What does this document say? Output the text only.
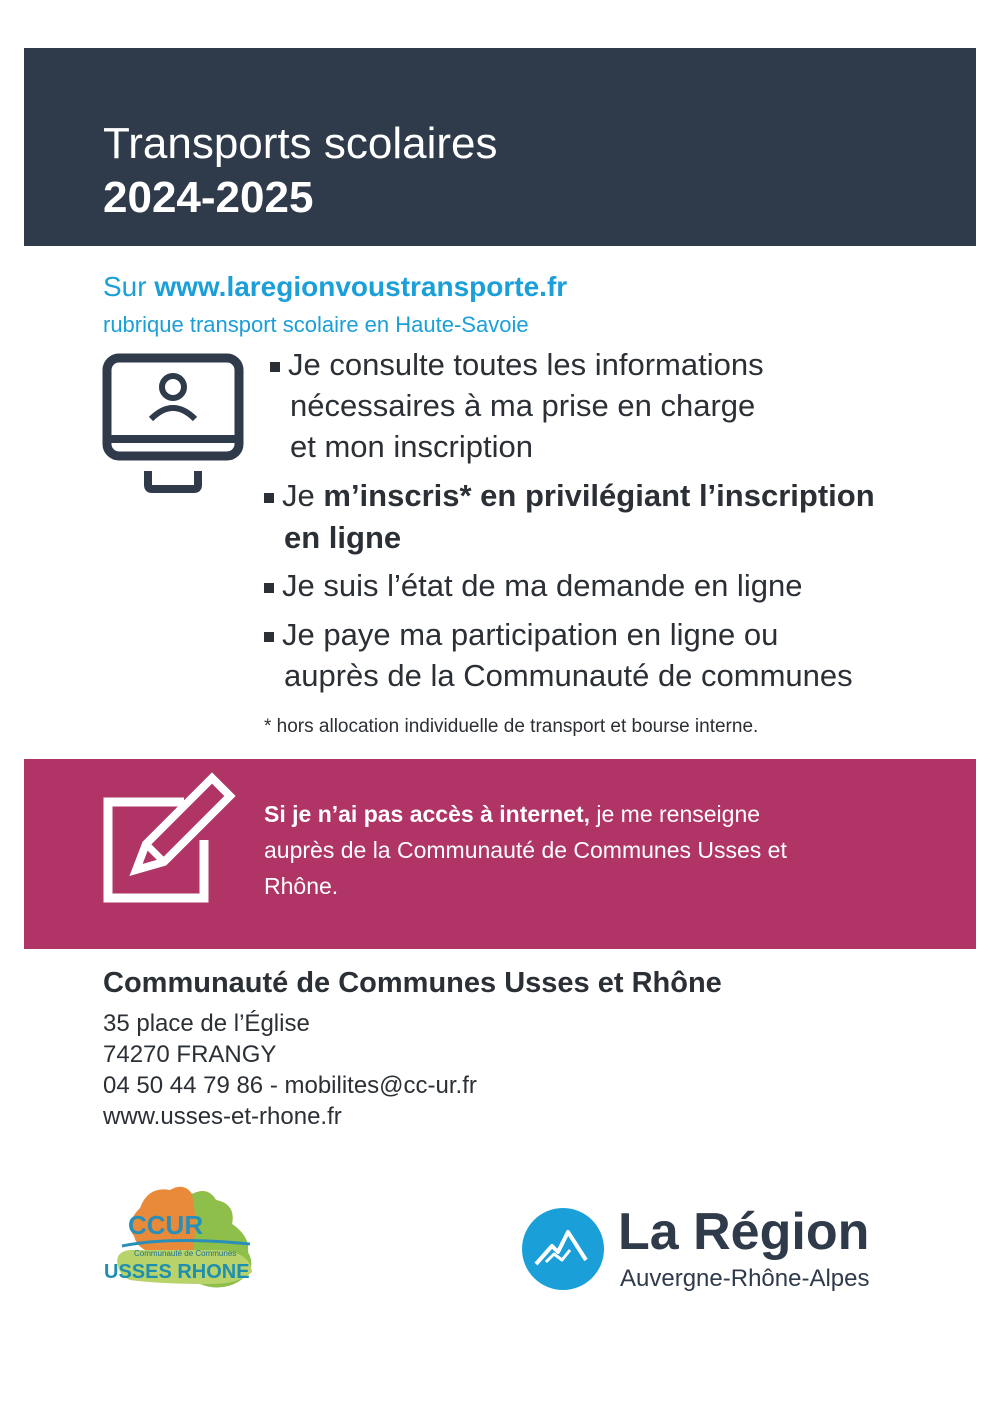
Transports scolaires
2024-2025
Sur www.laregionvoustransporte.fr
rubrique transport scolaire en Haute-Savoie
Je consulte toutes les informations
nécessaires à ma prise en charge
et mon inscription
Je m’inscris* en privilégiant l’inscription
en ligne
Je suis l’état de ma demande en ligne
Je paye ma participation en ligne ou
auprès de la Communauté de communes
* hors allocation individuelle de transport et bourse interne.
Si je n’ai pas accès à internet, je me renseigne
auprès de la Communauté de Communes Usses et
Rhône.
Communauté de Communes Usses et Rhône
35 place de l’Église
74270 FRANGY
04 50 44 79 86 - mobilites@cc-ur.fr
www.usses-et-rhone.fr
CCUR
Communauté de Communes
USSES RHONE
La Région
Auvergne-Rhône-Alpes
